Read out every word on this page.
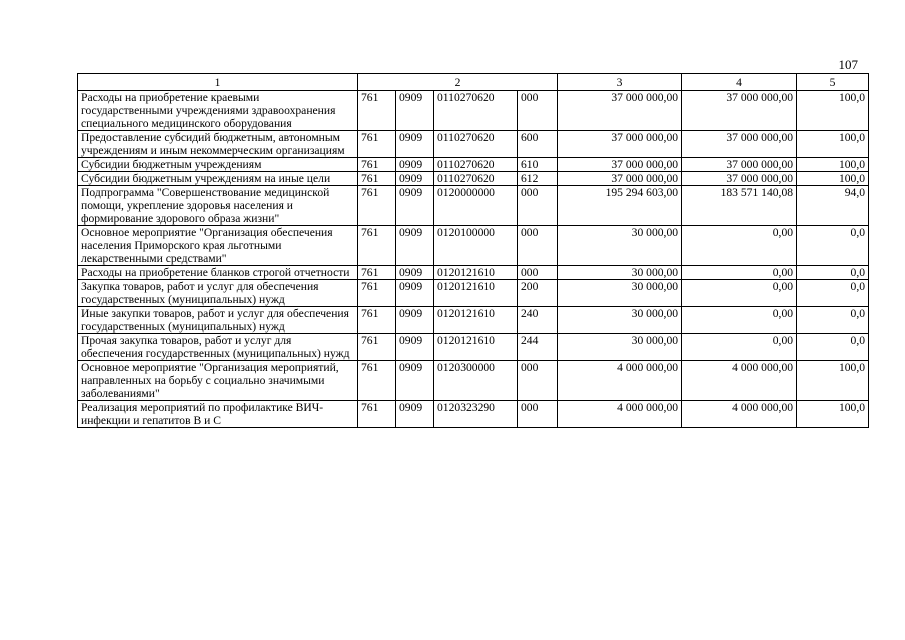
107
1	2				3	4	5
Расходы на приобретение краевыми государственными учреждениями здравоохранения специального медицинского оборудования	761	0909	0110270620	000	37 000 000,00	37 000 000,00	100,0
Предоставление субсидий бюджетным, автономным учреждениям и иным некоммерческим организациям	761	0909	0110270620	600	37 000 000,00	37 000 000,00	100,0
Субсидии бюджетным учреждениям	761	0909	0110270620	610	37 000 000,00	37 000 000,00	100,0
Субсидии бюджетным учреждениям на иные цели	761	0909	0110270620	612	37 000 000,00	37 000 000,00	100,0
Подпрограмма "Совершенствование медицинской помощи, укрепление здоровья населения и формирование здорового образа жизни"	761	0909	0120000000	000	195 294 603,00	183 571 140,08	94,0
Основное мероприятие "Организация обеспечения населения Приморского края льготными лекарственными средствами"	761	0909	0120100000	000	30 000,00	0,00	0,0
Расходы на приобретение бланков строгой отчетности	761	0909	0120121610	000	30 000,00	0,00	0,0
Закупка товаров, работ и услуг для обеспечения государственных (муниципальных) нужд	761	0909	0120121610	200	30 000,00	0,00	0,0
Иные закупки товаров, работ и услуг для обеспечения государственных (муниципальных) нужд	761	0909	0120121610	240	30 000,00	0,00	0,0
Прочая закупка товаров, работ и услуг для обеспечения государственных (муниципальных) нужд	761	0909	0120121610	244	30 000,00	0,00	0,0
Основное мероприятие "Организация мероприятий, направленных на борьбу с социально значимыми заболеваниями"	761	0909	0120300000	000	4 000 000,00	4 000 000,00	100,0
Реализация мероприятий по профилактике ВИЧ-инфекции и гепатитов В и С	761	0909	0120323290	000	4 000 000,00	4 000 000,00	100,0
